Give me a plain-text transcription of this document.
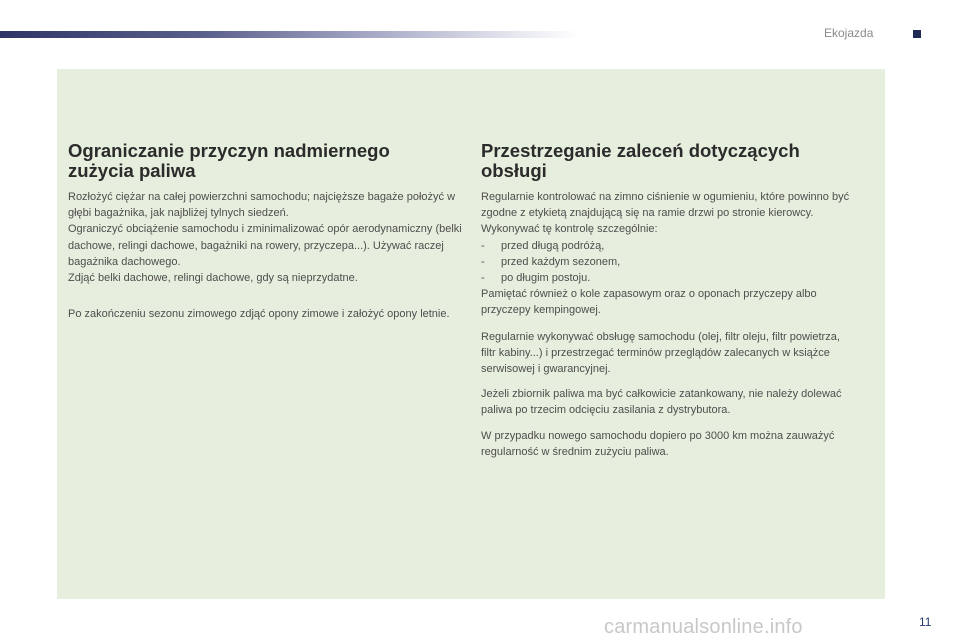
Ekojazda
Ograniczanie przyczyn nadmiernego
zużycia paliwa

Rozłożyć ciężar na całej powierzchni samochodu; najcięższe bagaże położyć w głębi bagażnika, jak najbliżej tylnych siedzeń.

Ograniczyć obciążenie samochodu i zminimalizować opór aerodynamiczny (belki dachowe, relingi dachowe, bagażniki na rowery, przyczepa...). Używać raczej bagażnika dachowego.

Zdjąć belki dachowe, relingi dachowe, gdy są nieprzydatne.

Po zakończeniu sezonu zimowego zdjąć opony zimowe i założyć opony letnie.

Przestrzeganie zaleceń dotyczących
obsługi

Regularnie kontrolować na zimno ciśnienie w ogumieniu, które powinno być zgodne z etykietą znajdującą się na ramie drzwi po stronie kierowcy.

Wykonywać tę kontrolę szczególnie:

- przed długą podróżą,
- przed każdym sezonem,
- po długim postoju.

Pamiętać również o kole zapasowym oraz o oponach przyczepy albo przyczepy kempingowej.

Regularnie wykonywać obsługę samochodu (olej, filtr oleju, filtr powietrza, filtr kabiny...) i przestrzegać terminów przeglądów zalecanych w książce serwisowej i gwarancyjnej.

Jeżeli zbiornik paliwa ma być całkowicie zatankowany, nie należy dolewać paliwa po trzecim odcięciu zasilania z dystrybutora.

W przypadku nowego samochodu dopiero po 3000 km można zauważyć regularność w średnim zużyciu paliwa.

carmanualsonline.info	11
